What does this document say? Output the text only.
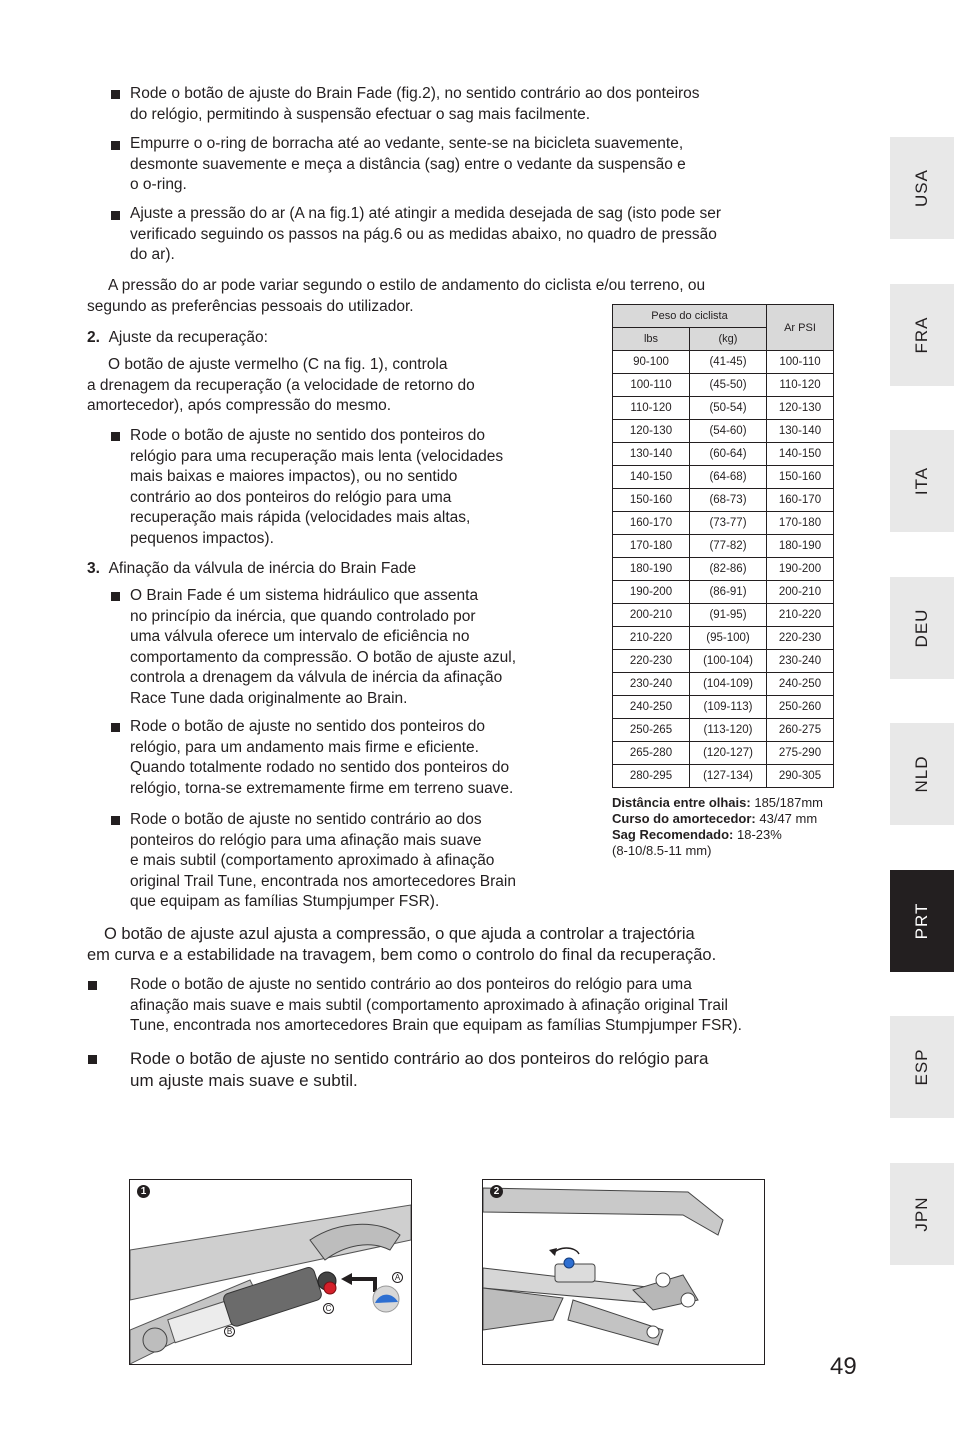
Rode o botão de ajuste do Brain Fade (fig.2), no sentido contrário ao dos ponteiros
do relógio, permitindo à suspensão efectuar o sag mais facilmente.
Empurre o o-ring de borracha até ao vedante, sente-se na bicicleta suavemente,
desmonte suavemente e meça a distância (sag) entre o vedante da suspensão e
o o-ring.
Ajuste a pressão do ar (A na fig.1) até atingir a medida desejada de sag (isto pode ser
verificado seguindo os passos na pág.6 ou as medidas abaixo, no quadro de pressão
do ar).
A pressão do ar pode variar segundo o estilo de andamento do ciclista e/ou terreno, ou
segundo as preferências pessoais do utilizador.
2. Ajuste da recuperação:
O botão de ajuste vermelho (C na fig. 1), controla
a drenagem da recuperação (a velocidade de retorno do
amortecedor), após compressão do mesmo.
Rode o botão de ajuste no sentido dos ponteiros do
relógio para uma recuperação mais lenta (velocidades
mais baixas e maiores impactos), ou no sentido
contrário ao dos ponteiros do relógio para uma
recuperação mais rápida (velocidades mais altas,
pequenos impactos).
3. Afinação da válvula de inércia do Brain Fade
O Brain Fade é um sistema hidráulico que assenta
no princípio da inércia, que quando controlado por
uma válvula oferece um intervalo de eficiência no
comportamento da compressão. O botão de ajuste azul,
controla a drenagem da válvula de inércia da afinação
Race Tune dada originalmente ao Brain.
Rode o botão de ajuste no sentido dos ponteiros do
relógio, para um andamento mais firme e eficiente.
Quando totalmente rodado no sentido dos ponteiros do
relógio, torna-se extremamente firme em terreno suave.
Rode o botão de ajuste no sentido contrário ao dos
ponteiros do relógio para uma afinação mais suave
e mais subtil (comportamento aproximado à afinação
original Trail Tune, encontrada nos amortecedores Brain
que equipam as famílias Stumpjumper FSR).
O botão de ajuste azul ajusta a compressão, o que ajuda a controlar a trajectória
em curva e a estabilidade na travagem, bem como o controlo do final da recuperação.
Rode o botão de ajuste no sentido contrário ao dos ponteiros do relógio para uma
afinação mais suave e mais subtil (comportamento aproximado à afinação original Trail
Tune, encontrada nos amortecedores Brain que equipam as famílias Stumpjumper FSR).
Rode o botão de ajuste no sentido contrário ao dos ponteiros do relógio para
um ajuste mais suave e subtil.
Peso do ciclista		Ar PSI
lbs	(kg)	
90-100	(41-45)	100-110
100-110	(45-50)	110-120
110-120	(50-54)	120-130
120-130	(54-60)	130-140
130-140	(60-64)	140-150
140-150	(64-68)	150-160
150-160	(68-73)	160-170
160-170	(73-77)	170-180
170-180	(77-82)	180-190
180-190	(82-86)	190-200
190-200	(86-91)	200-210
200-210	(91-95)	210-220
210-220	(95-100)	220-230
220-230	(100-104)	230-240
230-240	(104-109)	240-250
240-250	(109-113)	250-260
250-265	(113-120)	260-275
265-280	(120-127)	275-290
280-295	(127-134)	290-305
Distância entre olhais: 185/187mm
Curso do amortecedor: 43/47 mm
Sag Recomendado: 18-23%
(8-10/8.5-11 mm)
USA
FRA
ITA
DEU
NLD
PRT
ESP
JPN
1
A
B
C
2
49
